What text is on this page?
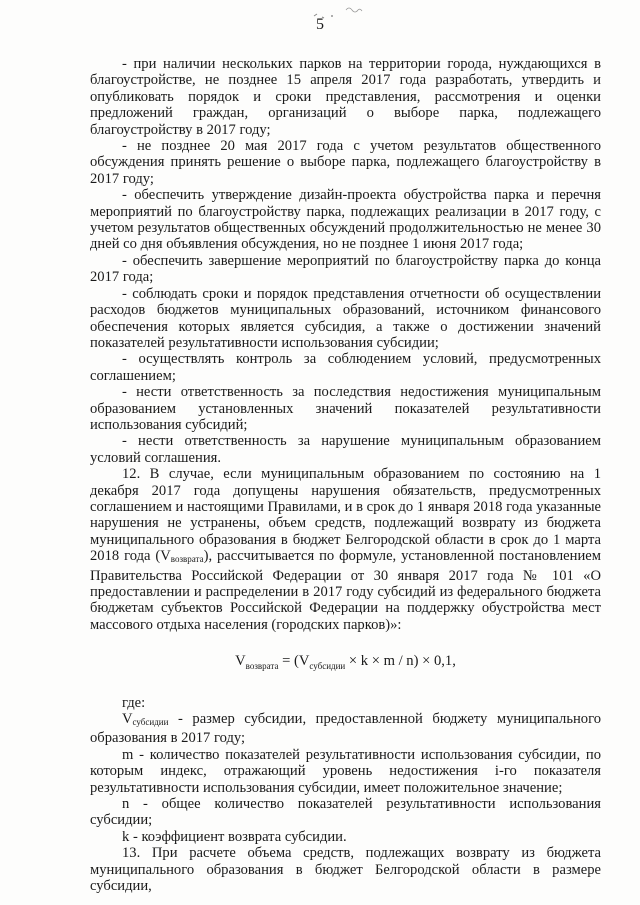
5

- при наличии нескольких парков на территории города, нуждающихся в благоустройстве, не позднее 15 апреля 2017 года разработать, утвердить и опубликовать порядок и сроки представления, рассмотрения и оценки предложений граждан, организаций о выборе парка, подлежащего благоустройству в 2017 году;

- не позднее 20 мая 2017 года с учетом результатов общественного обсуждения принять решение о выборе парка, подлежащего благоустройству в 2017 году;

- обеспечить утверждение дизайн-проекта обустройства парка и перечня мероприятий по благоустройству парка, подлежащих реализации в 2017 году, с учетом результатов общественных обсуждений продолжительностью не менее 30 дней со дня объявления обсуждения, но не позднее 1 июня 2017 года;

- обеспечить завершение мероприятий по благоустройству парка до конца 2017 года;

- соблюдать сроки и порядок представления отчетности об осуществлении расходов бюджетов муниципальных образований, источником финансового обеспечения которых является субсидия, а также о достижении значений показателей результативности использования субсидии;

- осуществлять контроль за соблюдением условий, предусмотренных соглашением;

- нести ответственность за последствия недостижения муниципальным образованием установленных значений показателей результативности использования субсидий;

- нести ответственность за нарушение муниципальным образованием условий соглашения.

12. В случае, если муниципальным образованием по состоянию на 1 декабря 2017 года допущены нарушения обязательств, предусмотренных соглашением и настоящими Правилами, и в срок до 1 января 2018 года указанные нарушения не устранены, объем средств, подлежащий возврату из бюджета муниципального образования в бюджет Белгородской области в срок до 1 марта 2018 года $(V_{возврата})$, рассчитывается по формуле, установленной постановлением Правительства Российской Федерации от 30 января 2017 года № 101 «О предоставлении и распределении в 2017 году субсидий из федерального бюджета бюджетам субъектов Российской Федерации на поддержку обустройства мест массового отдыха населения (городских парков)»:

$V_{возврата} = (V_{субсидии} \times k \times m / n) \times 0,1$,

где:

$V_{субсидии}$ - размер субсидии, предоставленной бюджету муниципального образования в 2017 году;

m - количество показателей результативности использования субсидии, по которым индекс, отражающий уровень недостижения i-го показателя результативности использования субсидии, имеет положительное значение;

n - общее количество показателей результативности использования субсидии;

k - коэффициент возврата субсидии.

13. При расчете объема средств, подлежащих возврату из бюджета муниципального образования в бюджет Белгородской области в размере субсидии,
